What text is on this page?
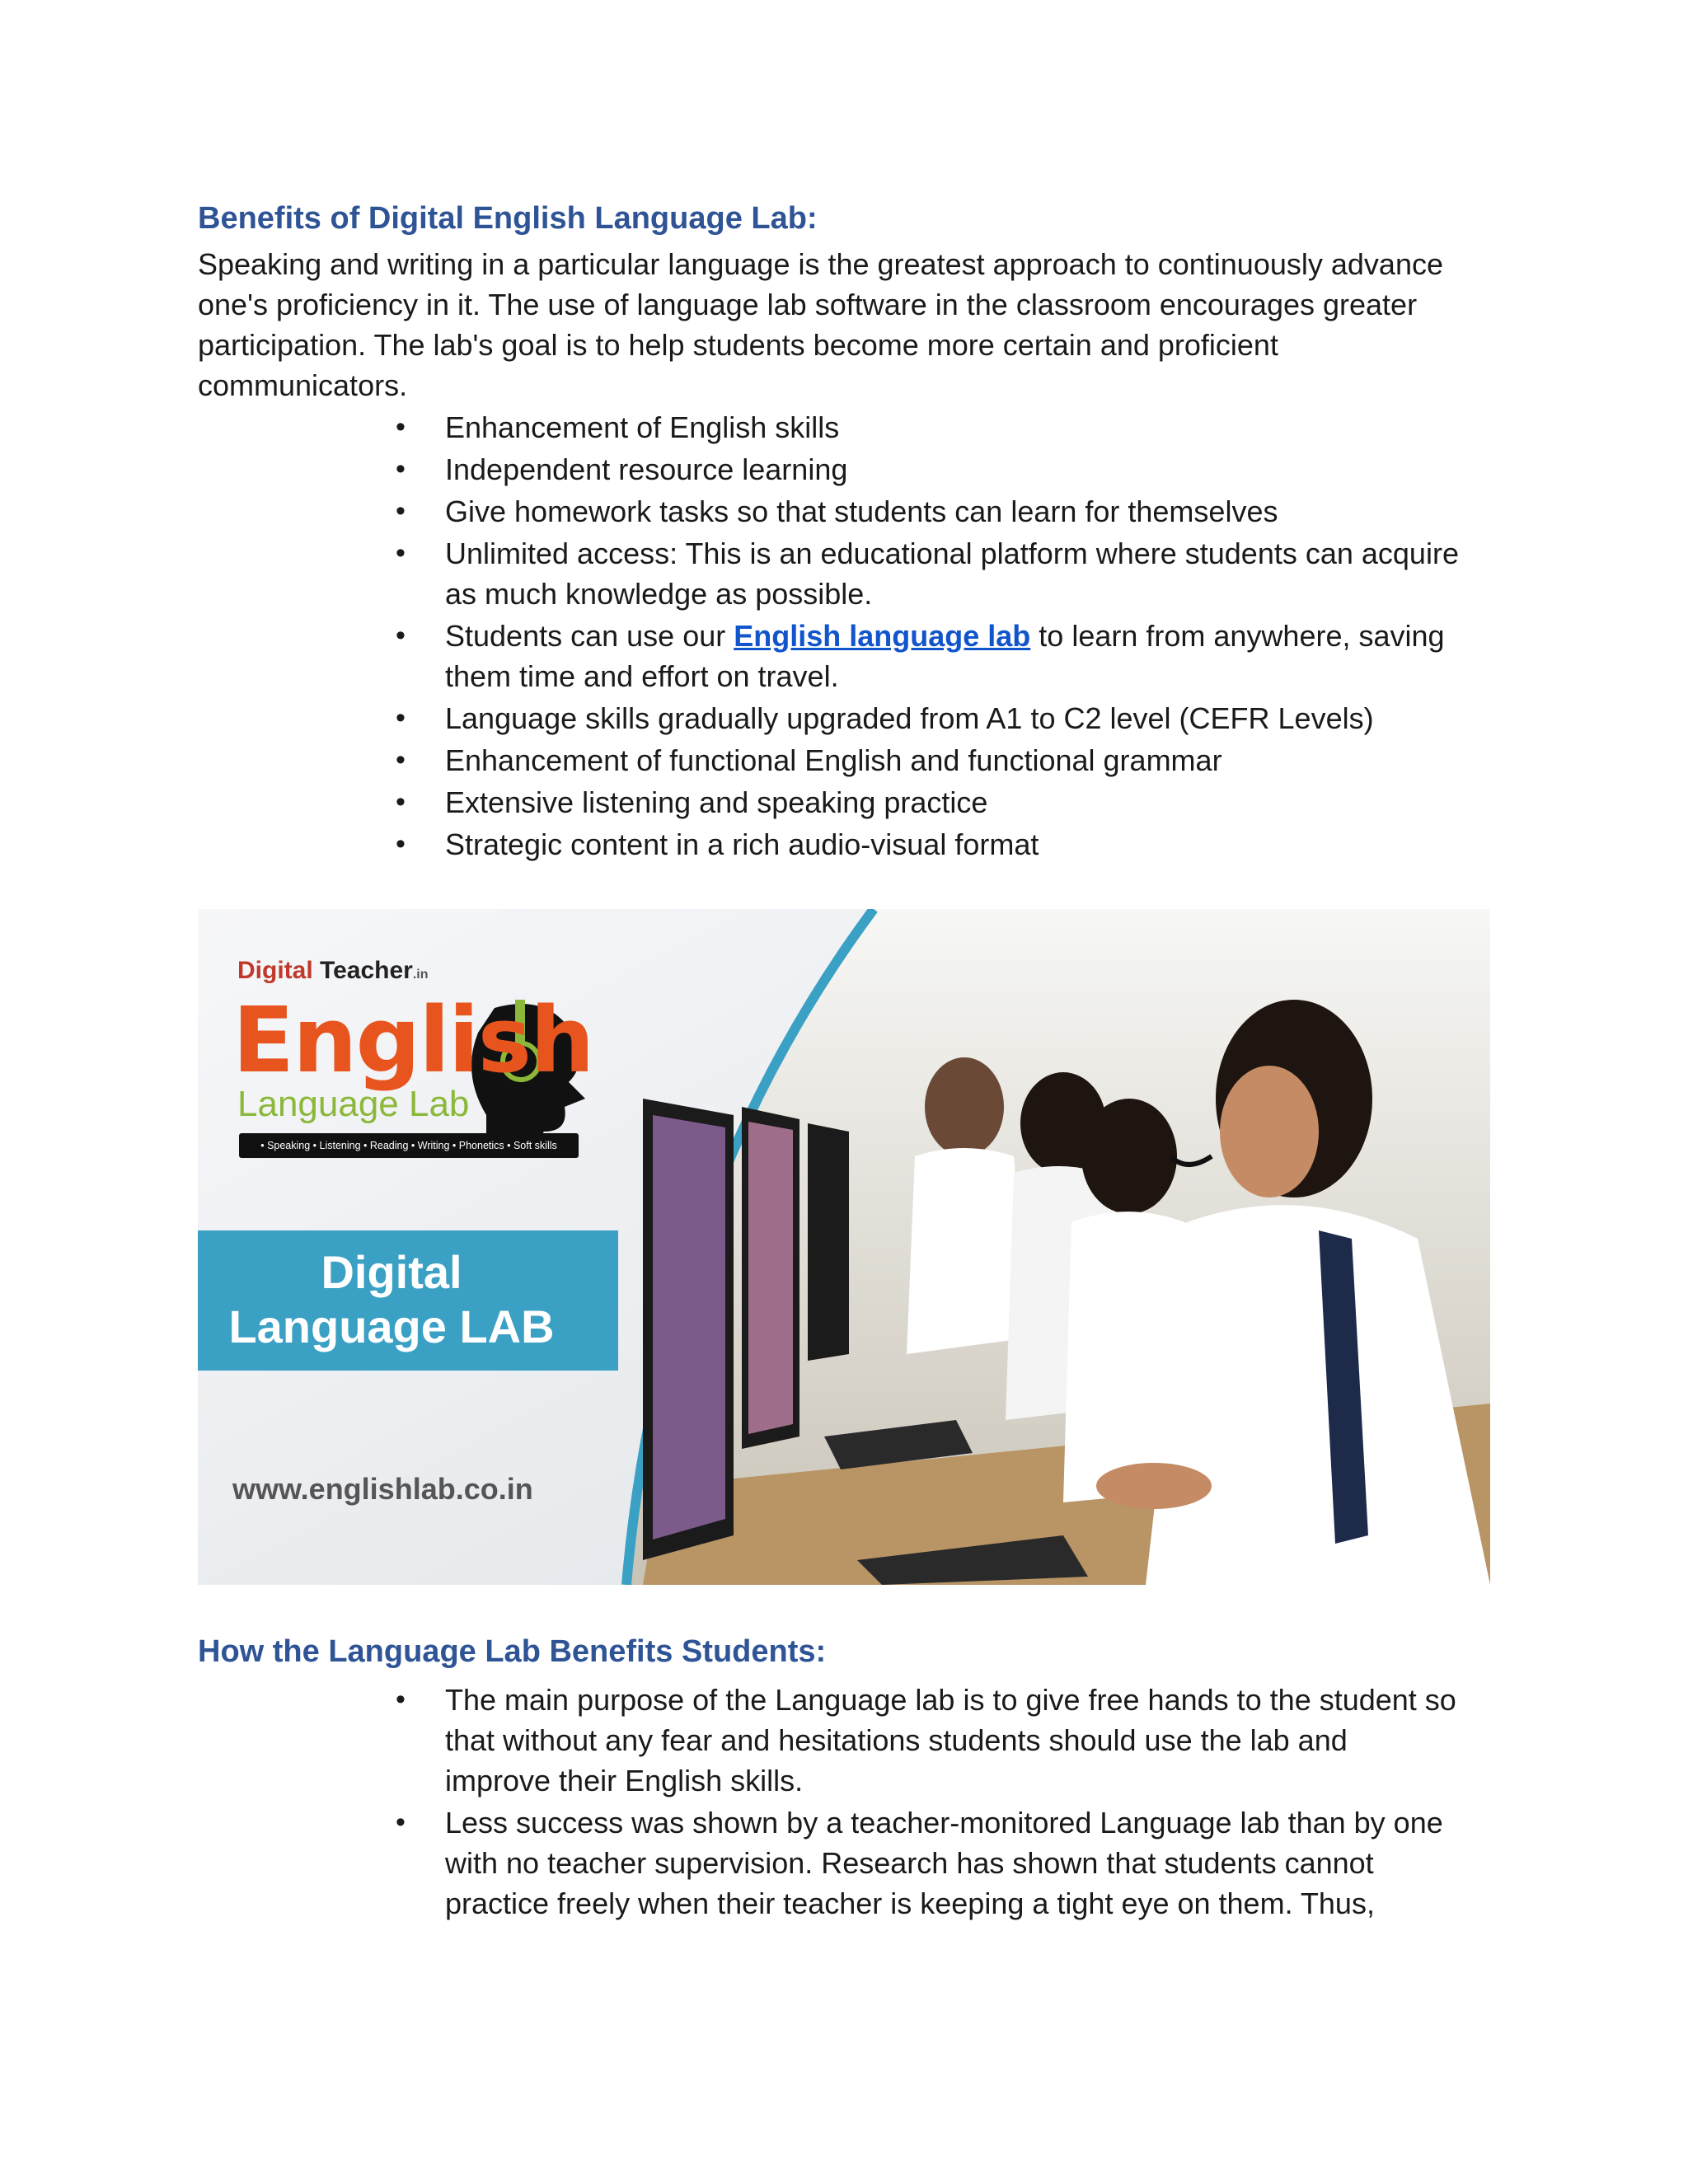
Benefits of Digital English Language Lab:
Speaking and writing in a particular language is the greatest approach to continuously advance
one's proficiency in it. The use of language lab software in the classroom encourages greater
participation. The lab's goal is to help students become more certain and proficient
communicators.
• Enhancement of English skills
• Independent resource learning
• Give homework tasks so that students can learn for themselves
• Unlimited access: This is an educational platform where students can acquire
as much knowledge as possible.
• Students can use our English language lab to learn from anywhere, saving
them time and effort on travel.
• Language skills gradually upgraded from A1 to C2 level (CEFR Levels)
• Enhancement of functional English and functional grammar
• Extensive listening and speaking practice
• Strategic content in a rich audio-visual format
Digital Teacher.in
English
Language Lab
• Speaking • Listening • Reading • Writing • Phonetics • Soft skills
Digital
Language LAB
www.englishlab.co.in
How the Language Lab Benefits Students:
• The main purpose of the Language lab is to give free hands to the student so
that without any fear and hesitations students should use the lab and
improve their English skills.
• Less success was shown by a teacher-monitored Language lab than by one
with no teacher supervision. Research has shown that students cannot
practice freely when their teacher is keeping a tight eye on them. Thus,
